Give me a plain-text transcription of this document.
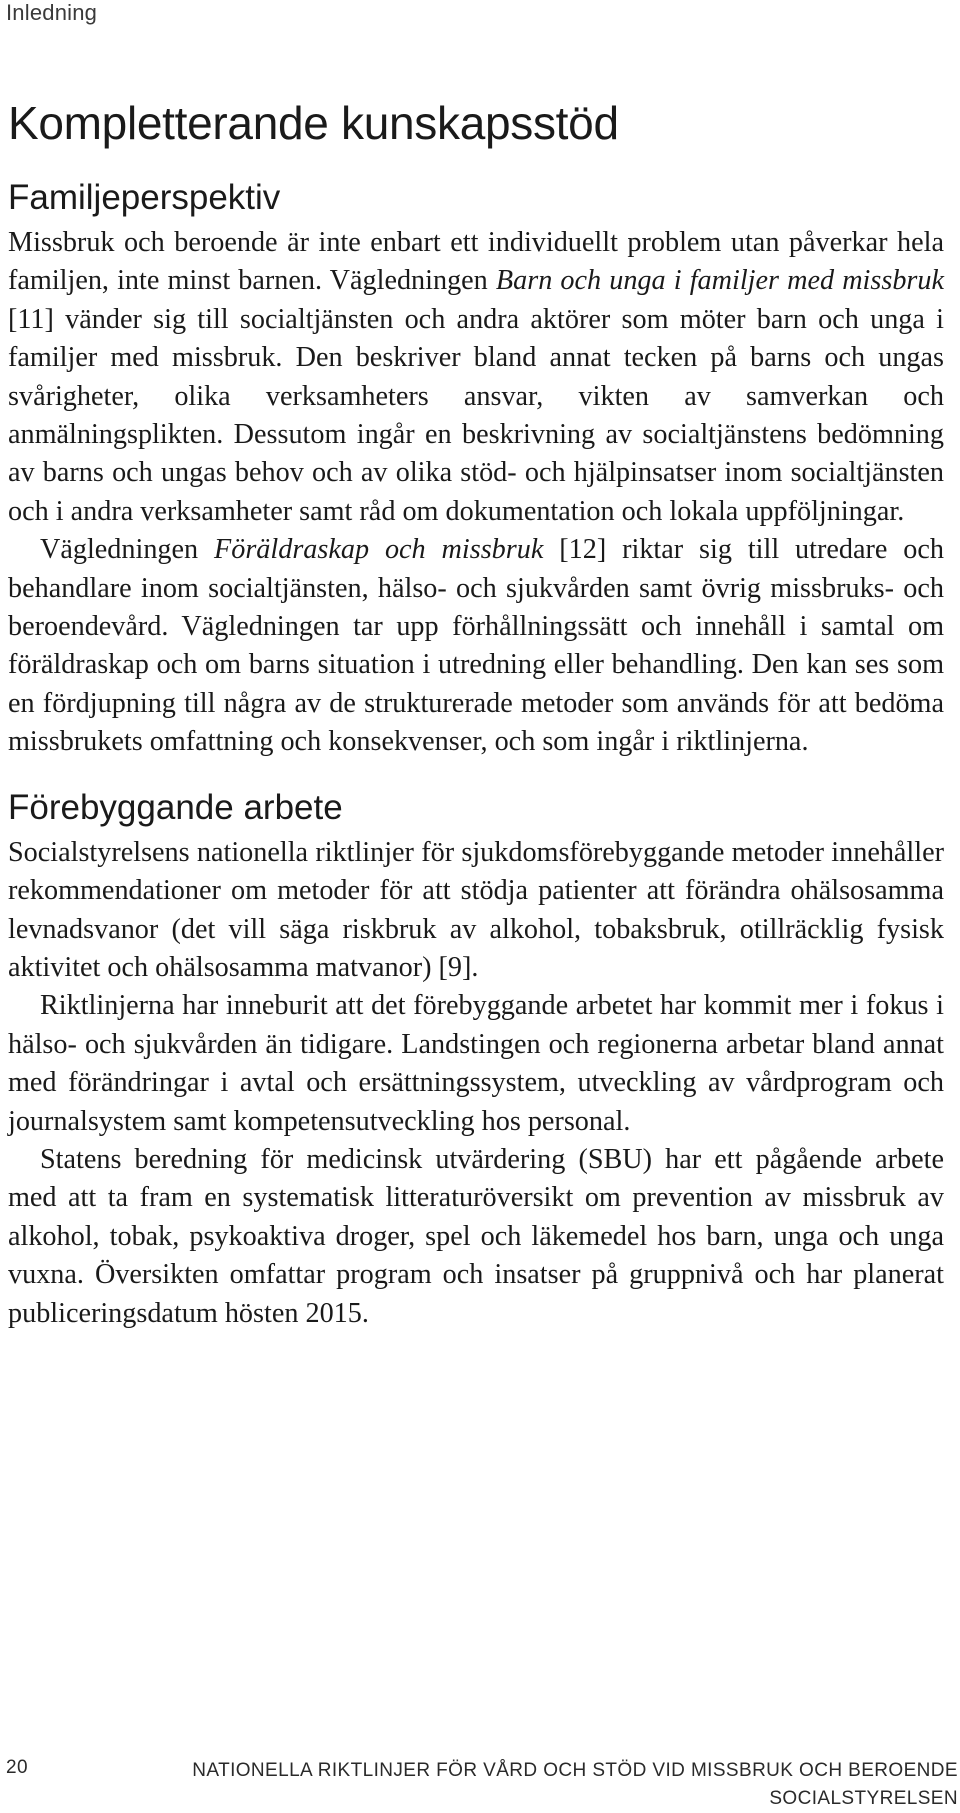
Inledning
Kompletterande kunskapsstöd
Familjeperspektiv

Missbruk och beroende är inte enbart ett individuellt problem utan påverkar hela familjen, inte minst barnen. Vägledningen Barn och unga i familjer med missbruk [11] vänder sig till socialtjänsten och andra aktörer som möter barn och unga i familjer med missbruk. Den beskriver bland annat tecken på barns och ungas svårigheter, olika verksamheters ansvar, vikten av samverkan och anmälningsplikten. Dessutom ingår en beskrivning av socialtjänstens bedömning av barns och ungas behov och av olika stöd- och hjälpinsatser inom socialtjänsten och i andra verksamheter samt råd om dokumentation och lokala uppföljningar.

Vägledningen Föräldraskap och missbruk [12] riktar sig till utredare och behandlare inom socialtjänsten, hälso- och sjukvården samt övrig missbruks- och beroendevård. Vägledningen tar upp förhållningssätt och innehåll i samtal om föräldraskap och om barns situation i utredning eller behandling. Den kan ses som en fördjupning till några av de strukturerade metoder som används för att bedöma missbrukets omfattning och konsekvenser, och som ingår i riktlinjerna.

Förebyggande arbete

Socialstyrelsens nationella riktlinjer för sjukdomsförebyggande metoder innehåller rekommendationer om metoder för att stödja patienter att förändra ohälsosamma levnadsvanor (det vill säga riskbruk av alkohol, tobaksbruk, otillräcklig fysisk aktivitet och ohälsosamma matvanor) [9].

Riktlinjerna har inneburit att det förebyggande arbetet har kommit mer i fokus i hälso- och sjukvården än tidigare. Landstingen och regionerna arbetar bland annat med förändringar i avtal och ersättningssystem, utveckling av vårdprogram och journalsystem samt kompetensutveckling hos personal.

Statens beredning för medicinsk utvärdering (SBU) har ett pågående arbete med att ta fram en systematisk litteraturöversikt om prevention av missbruk av alkohol, tobak, psykoaktiva droger, spel och läkemedel hos barn, unga och unga vuxna. Översikten omfattar program och insatser på gruppnivå och har planerat publiceringsdatum hösten 2015.

20	NATIONELLA RIKTLINJER FÖR VÅRD OCH STÖD VID MISSBRUK OCH BEROENDE
SOCIALSTYRELSEN
